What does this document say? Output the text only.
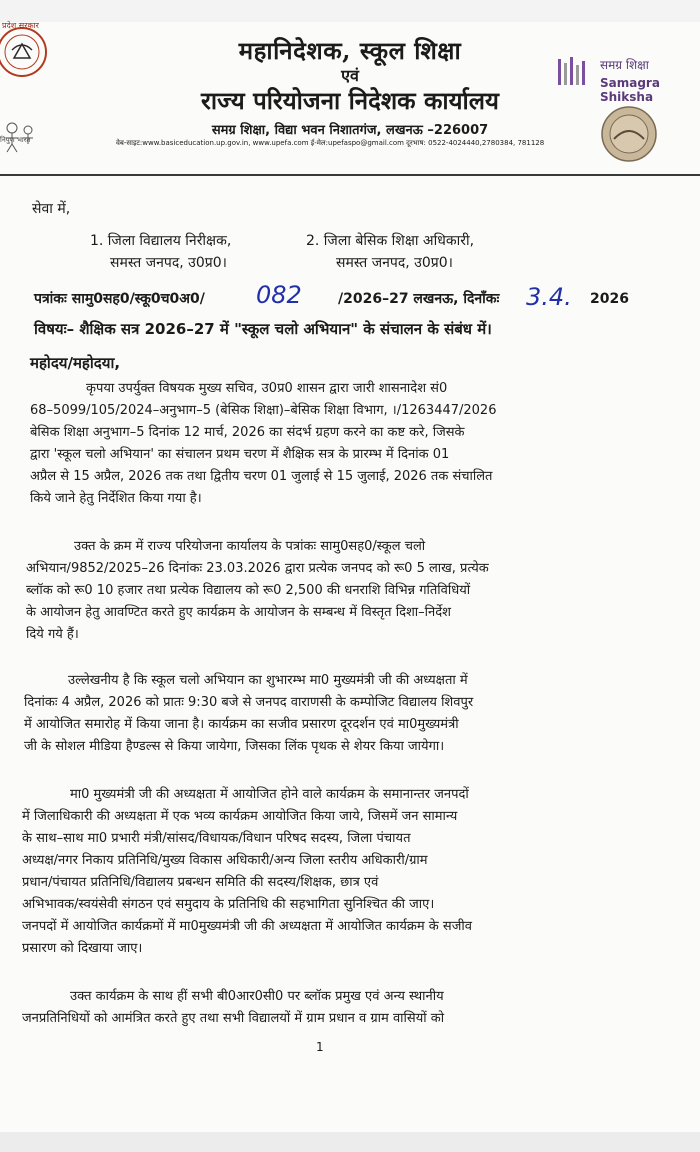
प्रदेश सरकार
निपुण भारत
महानिदेशक, स्कूल शिक्षा
एवं
राज्य परियोजना निदेशक कार्यालय
समग्र शिक्षा, विद्या भवन निशातगंज, लखनऊ –226007
वेब-साइट:www.basiceducation.up.gov.in, www.upefa.com ई-मेल:upefaspo@gmail.com दूरभाष: 0522-4024440,2780384, 781128
समग्र शिक्षा
Samagra Shiksha
सेवा में,
1. जिला विद्यालय निरीक्षक,
समस्त जनपद, उ0प्र0।
2. जिला बेसिक शिक्षा अधिकारी,
समस्त जनपद, उ0प्र0।
पत्रांकः सामु0सह0/स्कू0च0अ0/ 082	/2026–27 लखनऊ, दिनाँकः 3.4. 2026
विषयः– शैक्षिक सत्र 2026–27 में "स्कूल चलो अभियान" के संचालन के संबंध में।
महोदय/महोदया,
कृपया उपर्युक्त विषयक मुख्य सचिव, उ0प्र0 शासन द्वारा जारी शासनादेश सं0
68–5099/105/2024–अनुभाग–5 (बेसिक शिक्षा)–बेसिक शिक्षा विभाग, ।/1263447/2026
बेसिक शिक्षा अनुभाग–5 दिनांक 12 मार्च, 2026 का संदर्भ ग्रहण करने का कष्ट करे, जिसके
द्वारा 'स्कूल चलो अभियान' का संचालन प्रथम चरण में शैक्षिक सत्र के प्रारम्भ में दिनांक 01
अप्रैल से 15 अप्रैल, 2026 तक तथा द्वितीय चरण 01 जुलाई से 15 जुलाई, 2026 तक संचालित
किये जाने हेतु निर्देशित किया गया है।
उक्त के क्रम में राज्य परियोजना कार्यालय के पत्रांकः सामु0सह0/स्कूल चलो
अभियान/9852/2025–26 दिनांकः 23.03.2026 द्वारा प्रत्येक जनपद को रू0 5 लाख, प्रत्येक
ब्लॉक को रू0 10 हजार तथा प्रत्येक विद्यालय को रू0 2,500 की धनराशि विभिन्न गतिविधियों
के आयोजन हेतु आवण्टित करते हुए कार्यक्रम के आयोजन के सम्बन्ध में विस्तृत दिशा–निर्देश
दिये गये हैं।
उल्लेखनीय है कि स्कूल चलो अभियान का शुभारम्भ मा0 मुख्यमंत्री जी की अध्यक्षता में
दिनांकः 4 अप्रैल, 2026 को प्रातः 9:30 बजे से जनपद वाराणसी के कम्पोजिट विद्यालय शिवपुर
में आयोजित समारोह में किया जाना है। कार्यक्रम का सजीव प्रसारण दूरदर्शन एवं मा0मुख्यमंत्री
जी के सोशल मीडिया हैण्डल्स से किया जायेगा, जिसका लिंक पृथक से शेयर किया जायेगा।
मा0 मुख्यमंत्री जी की अध्यक्षता में आयोजित होने वाले कार्यक्रम के समानान्तर जनपदों
में जिलाधिकारी की अध्यक्षता में एक भव्य कार्यक्रम आयोजित किया जाये, जिसमें जन सामान्य
के साथ–साथ मा0 प्रभारी मंत्री/सांसद/विधायक/विधान परिषद सदस्य, जिला पंचायत
अध्यक्ष/नगर निकाय प्रतिनिधि/मुख्य विकास अधिकारी/अन्य जिला स्तरीय अधिकारी/ग्राम
प्रधान/पंचायत प्रतिनिधि/विद्यालय प्रबन्धन समिति की सदस्य/शिक्षक, छात्र एवं
अभिभावक/स्वयंसेवी संगठन एवं समुदाय के प्रतिनिधि की सहभागिता सुनिश्चित की जाए।
जनपदों में आयोजित कार्यक्रमों में मा0मुख्यमंत्री जी की अध्यक्षता में आयोजित कार्यक्रम के सजीव
प्रसारण को दिखाया जाए।
उक्त कार्यक्रम के साथ हीं सभी बी0आर0सी0 पर ब्लॉक प्रमुख एवं अन्य स्थानीय
जनप्रतिनिधियों को आमंत्रित करते हुए तथा सभी विद्यालयों में ग्राम प्रधान व ग्राम वासियों को
1
